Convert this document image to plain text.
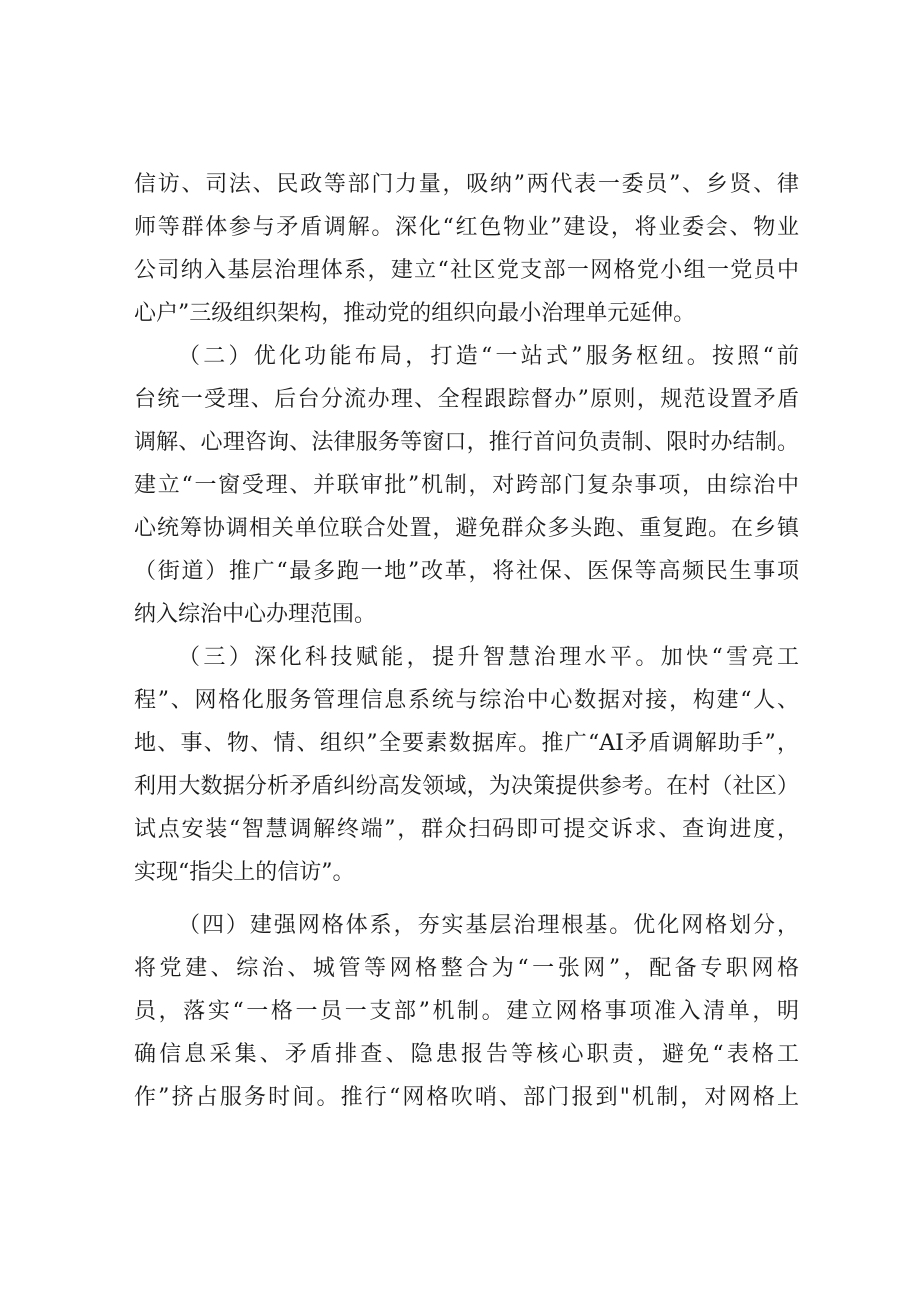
信访、司法、民政等部门力量，吸纳”两代表一委员”、乡贤、律
师等群体参与矛盾调解。深化“红色物业”建设，将业委会、物业
公司纳入基层治理体系，建立“社区党支部一网格党小组一党员中
心户”三级组织架构，推动党的组织向最小治理单元延伸。
（二）优化功能布局，打造“一站式”服务枢纽。按照“前
台统一受理、后台分流办理、全程跟踪督办”原则，规范设置矛盾
调解、心理咨询、法律服务等窗口，推行首问负责制、限时办结制。
建立“一窗受理、并联审批”机制，对跨部门复杂事项，由综治中
心统筹协调相关单位联合处置，避免群众多头跑、重复跑。在乡镇
（街道）推广“最多跑一地”改革，将社保、医保等高频民生事项
纳入综治中心办理范围。
（三）深化科技赋能，提升智慧治理水平。加快“雪亮工
程”、网格化服务管理信息系统与综治中心数据对接，构建“人、
地、事、物、情、组织”全要素数据库。推广“AI矛盾调解助手”，
利用大数据分析矛盾纠纷高发领域，为决策提供参考。在村（社区）
试点安装“智慧调解终端”，群众扫码即可提交诉求、查询进度，
实现“指尖上的信访”。
（四）建强网格体系，夯实基层治理根基。优化网格划分，
将党建、综治、城管等网格整合为“一张网”，配备专职网格
员，落实“一格一员一支部”机制。建立网格事项准入清单，明
确信息采集、矛盾排查、隐患报告等核心职责，避免“表格工
作”挤占服务时间。推行“网格吹哨、部门报到"机制，对网格上
